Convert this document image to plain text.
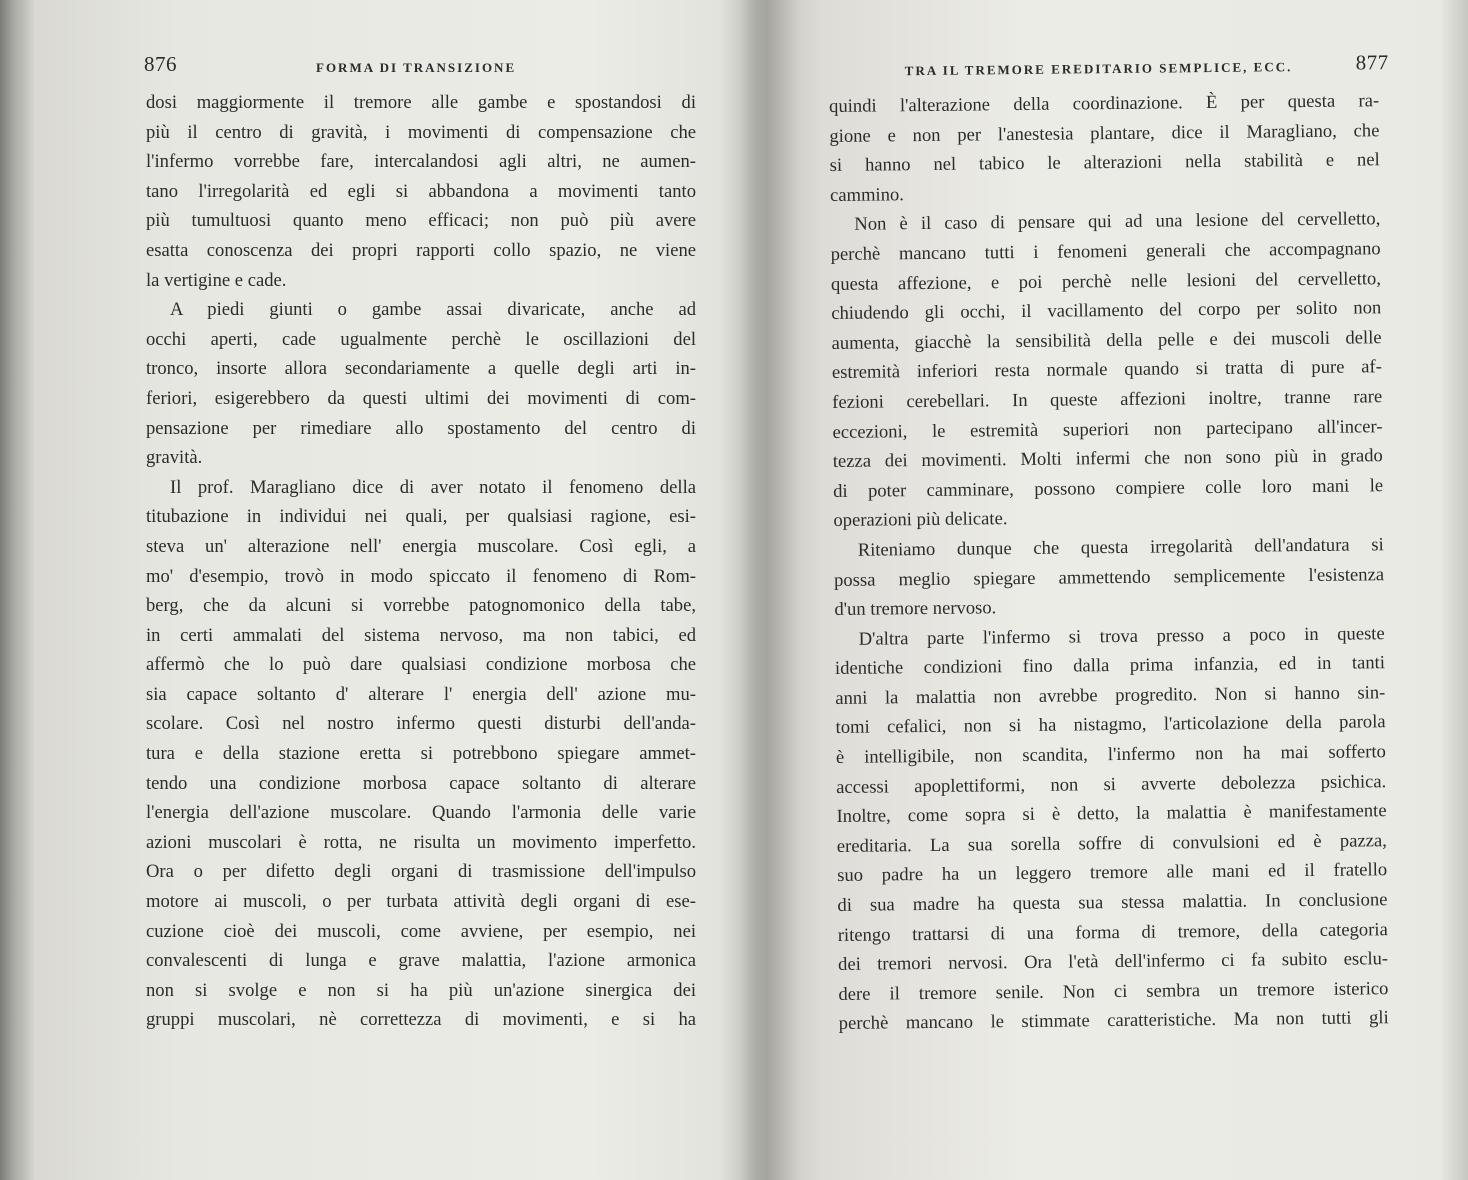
876	FORMA DI TRANSIZIONE
dosi maggiormente il tremore alle gambe e spostandosi di
più il centro di gravità, i movimenti di compensazione che
l'infermo vorrebbe fare, intercalandosi agli altri, ne aumen-
tano l'irregolarità ed egli si abbandona a movimenti tanto
più tumultuosi quanto meno efficaci; non può più avere
esatta conoscenza dei propri rapporti collo spazio, ne viene
la vertigine e cade.
A piedi giunti o gambe assai divaricate, anche ad
occhi aperti, cade ugualmente perchè le oscillazioni del
tronco, insorte allora secondariamente a quelle degli arti in-
feriori, esigerebbero da questi ultimi dei movimenti di com-
pensazione per rimediare allo spostamento del centro di
gravità.
Il prof. Maragliano dice di aver notato il fenomeno della
titubazione in individui nei quali, per qualsiasi ragione, esi-
steva un' alterazione nell' energia muscolare. Così egli, a
mo' d'esempio, trovò in modo spiccato il fenomeno di Rom-
berg, che da alcuni si vorrebbe patognomonico della tabe,
in certi ammalati del sistema nervoso, ma non tabici, ed
affermò che lo può dare qualsiasi condizione morbosa che
sia capace soltanto d' alterare l' energia dell' azione mu-
scolare. Così nel nostro infermo questi disturbi dell'anda-
tura e della stazione eretta si potrebbono spiegare ammet-
tendo una condizione morbosa capace soltanto di alterare
l'energia dell'azione muscolare. Quando l'armonia delle varie
azioni muscolari è rotta, ne risulta un movimento imperfetto.
Ora o per difetto degli organi di trasmissione dell'impulso
motore ai muscoli, o per turbata attività degli organi di ese-
cuzione cioè dei muscoli, come avviene, per esempio, nei
convalescenti di lunga e grave malattia, l'azione armonica
non si svolge e non si ha più un'azione sinergica dei
gruppi muscolari, nè correttezza di movimenti, e si ha
TRA IL TREMORE EREDITARIO SEMPLICE, ECC.	877
quindi l'alterazione della coordinazione. È per questa ra-
gione e non per l'anestesia plantare, dice il Maragliano, che
si hanno nel tabico le alterazioni nella stabilità e nel
cammino.
Non è il caso di pensare qui ad una lesione del cervelletto,
perchè mancano tutti i fenomeni generali che accompagnano
questa affezione, e poi perchè nelle lesioni del cervelletto,
chiudendo gli occhi, il vacillamento del corpo per solito non
aumenta, giacchè la sensibilità della pelle e dei muscoli delle
estremità inferiori resta normale quando si tratta di pure af-
fezioni cerebellari. In queste affezioni inoltre, tranne rare
eccezioni, le estremità superiori non partecipano all'incer-
tezza dei movimenti. Molti infermi che non sono più in grado
di poter camminare, possono compiere colle loro mani le
operazioni più delicate.
Riteniamo dunque che questa irregolarità dell'andatura si
possa meglio spiegare ammettendo semplicemente l'esistenza
d'un tremore nervoso.
D'altra parte l'infermo si trova presso a poco in queste
identiche condizioni fino dalla prima infanzia, ed in tanti
anni la malattia non avrebbe progredito. Non si hanno sin-
tomi cefalici, non si ha nistagmo, l'articolazione della parola
è intelligibile, non scandita, l'infermo non ha mai sofferto
accessi apoplettiformi, non si avverte debolezza psichica.
Inoltre, come sopra si è detto, la malattia è manifestamente
ereditaria. La sua sorella soffre di convulsioni ed è pazza,
suo padre ha un leggero tremore alle mani ed il fratello
di sua madre ha questa sua stessa malattia. In conclusione
ritengo trattarsi di una forma di tremore, della categoria
dei tremori nervosi. Ora l'età dell'infermo ci fa subito esclu-
dere il tremore senile. Non ci sembra un tremore isterico
perchè mancano le stimmate caratteristiche. Ma non tutti gli
